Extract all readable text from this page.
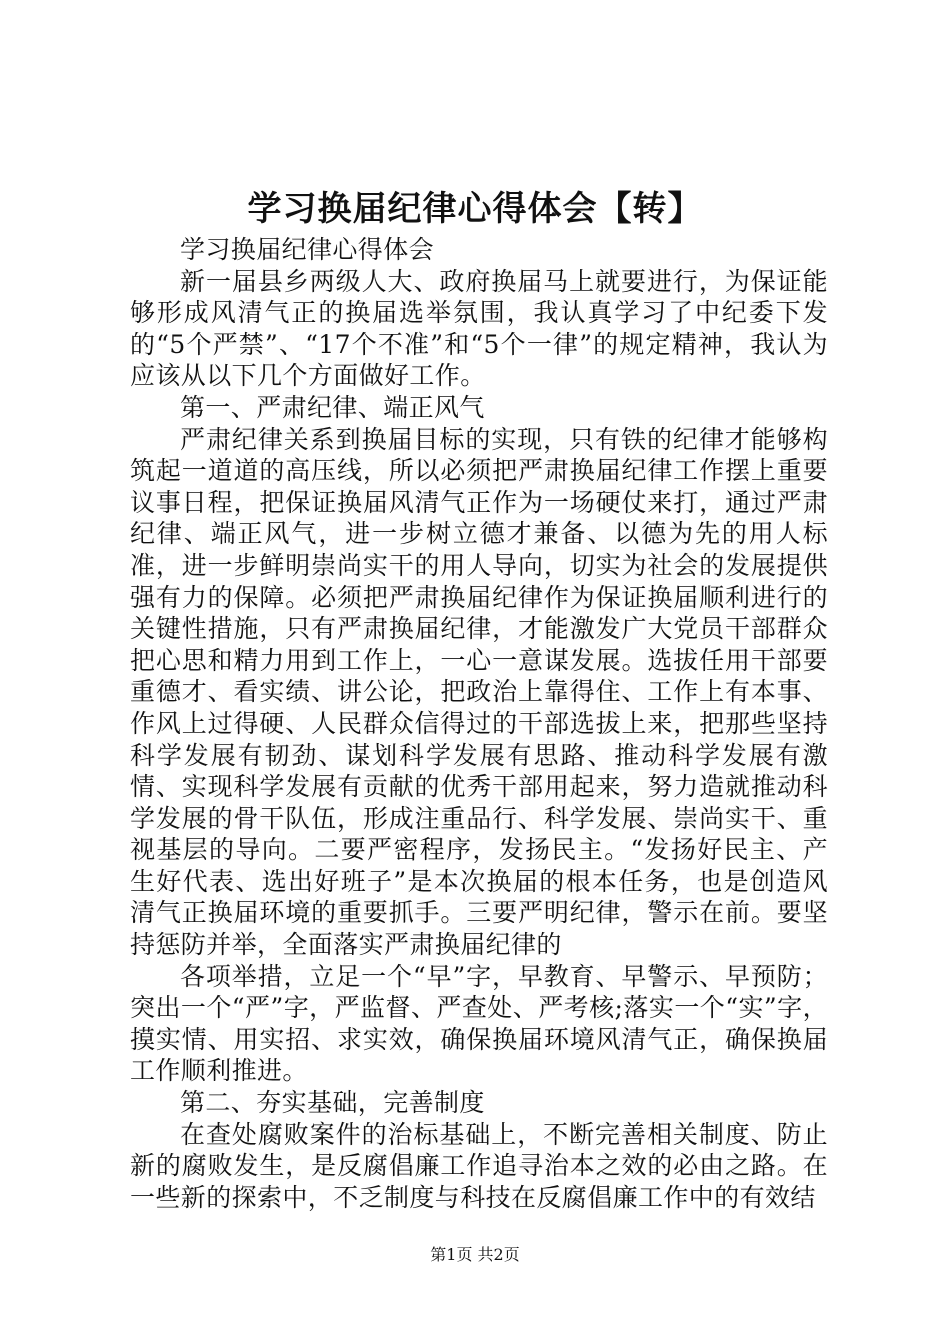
学习换届纪律心得体会【转】

学习换届纪律心得体会

新一届县乡两级人大、政府换届马上就要进行，为保证能够形成风清气正的换届选举氛围，我认真学习了中纪委下发的“5个严禁”、“17个不准”和“5个一律”的规定精神，我认为应该从以下几个方面做好工作。

第一、严肃纪律、端正风气

严肃纪律关系到换届目标的实现，只有铁的纪律才能够构筑起一道道的高压线，所以必须把严肃换届纪律工作摆上重要议事日程，把保证换届风清气正作为一场硬仗来打，通过严肃纪律、端正风气，进一步树立德才兼备、以德为先的用人标准，进一步鲜明崇尚实干的用人导向，切实为社会的发展提供强有力的保障。必须把严肃换届纪律作为保证换届顺利进行的关键性措施，只有严肃换届纪律，才能激发广大党员干部群众把心思和精力用到工作上，一心一意谋发展。选拔任用干部要重德才、看实绩、讲公论，把政治上靠得住、工作上有本事、作风上过得硬、人民群众信得过的干部选拔上来，把那些坚持科学发展有韧劲、谋划科学发展有思路、推动科学发展有激情、实现科学发展有贡献的优秀干部用起来，努力造就推动科学发展的骨干队伍，形成注重品行、科学发展、崇尚实干、重视基层的导向。二要严密程序，发扬民主。“发扬好民主、产生好代表、选出好班子”是本次换届的根本任务，也是创造风清气正换届环境的重要抓手。三要严明纪律，警示在前。要坚持惩防并举，全面落实严肃换届纪律的

各项举措，立足一个“早”字，早教育、早警示、早预防；突出一个“严”字，严监督、严查处、严考核;落实一个“实”字，摸实情、用实招、求实效，确保换届环境风清气正，确保换届工作顺利推进。

第二、夯实基础，完善制度

在查处腐败案件的治标基础上，不断完善相关制度、防止新的腐败发生，是反腐倡廉工作追寻治本之效的必由之路。在一些新的探索中，不乏制度与科技在反腐倡廉工作中的有效结

第1页 共2页
